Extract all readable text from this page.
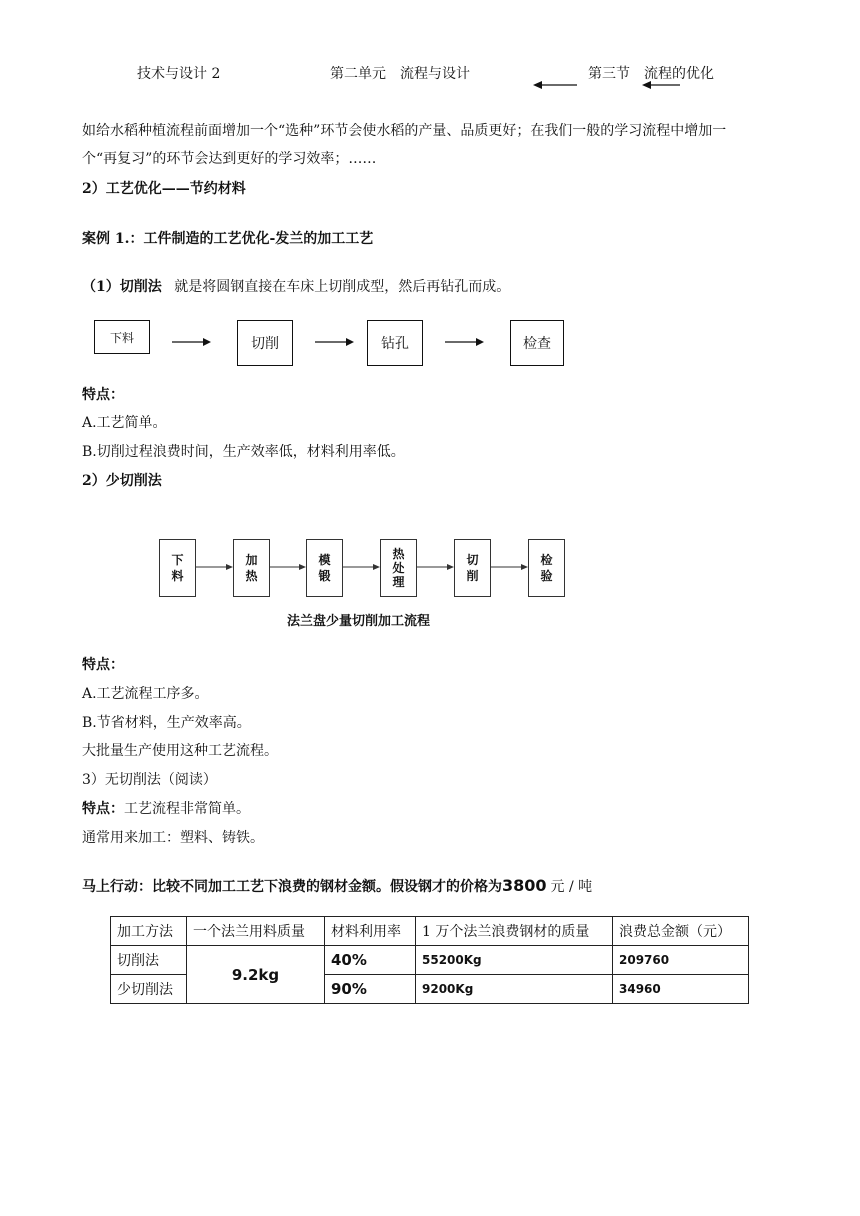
技术与设计 2	第二单元　流程与设计	第三节　流程的优化
如给水稻种植流程前面增加一个“选种”环节会使水稻的产量、品质更好；在我们一般的学习流程中增加一
个“再复习”的环节会达到更好的学习效率；……
2）工艺优化——节约材料
案例 1.：工件制造的工艺优化-发兰的加工工艺
（1）切削法 就是将圆钢直接在车床上切削成型，然后再钻孔而成。
下料	切削	钻孔	检查
特点：
A.工艺简单。
B.切削过程浪费时间，生产效率低，材料利用率低。
2）少切削法
下
料
加
热
模
锻
热
处
理
切
削
检
验
法兰盘少量切削加工流程
特点：
A.工艺流程工序多。
B.节省材料，生产效率高。
大批量生产使用这种工艺流程。
3）无切削法（阅读）
特点：工艺流程非常简单。
通常用来加工：塑料、铸铁。
马上行动：比较不同加工工艺下浪费的钢材金额。假设钢才的价格为3800 元 / 吨
加工方法	一个法兰用料质量	材料利用率	1 万个法兰浪费钢材的质量	浪费总金额（元）
切削法	9.2kg	40%	55200Kg	209760
少切削法		90%	9200Kg	34960
